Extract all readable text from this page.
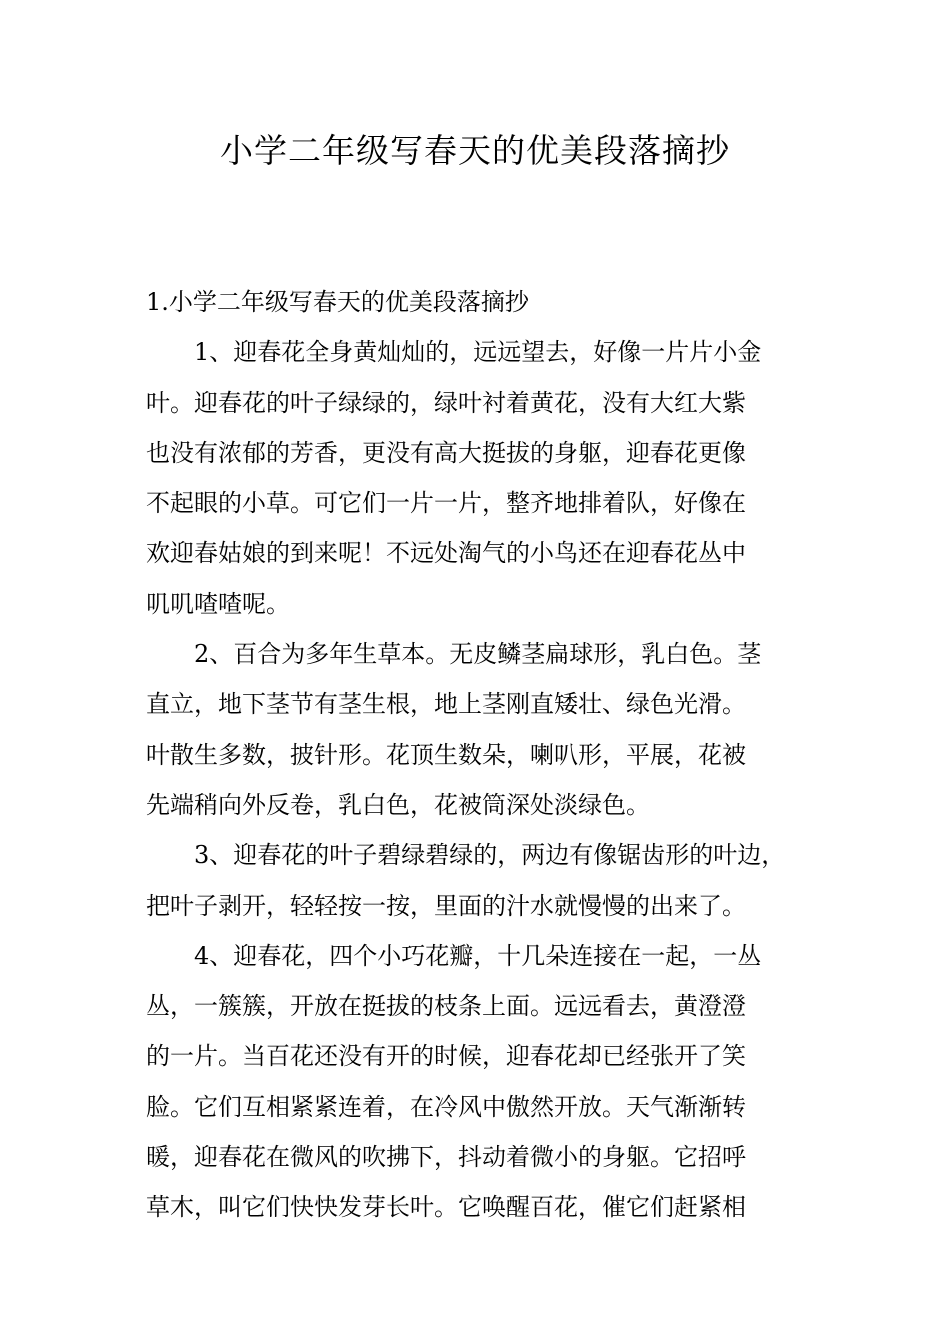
小学二年级写春天的优美段落摘抄

1.小学二年级写春天的优美段落摘抄

1、迎春花全身黄灿灿的，远远望去，好像一片片小金

叶。迎春花的叶子绿绿的，绿叶衬着黄花，没有大红大紫

也没有浓郁的芳香，更没有高大挺拔的身躯，迎春花更像

不起眼的小草。可它们一片一片，整齐地排着队，好像在

欢迎春姑娘的到来呢！不远处淘气的小鸟还在迎春花丛中

叽叽喳喳呢。

2、百合为多年生草本。无皮鳞茎扁球形，乳白色。茎

直立，地下茎节有茎生根，地上茎刚直矮壮、绿色光滑。

叶散生多数，披针形。花顶生数朵，喇叭形，平展，花被

先端稍向外反卷，乳白色，花被筒深处淡绿色。

3、迎春花的叶子碧绿碧绿的，两边有像锯齿形的叶边，

把叶子剥开，轻轻按一按，里面的汁水就慢慢的出来了。

4、迎春花，四个小巧花瓣，十几朵连接在一起，一丛

丛，一簇簇，开放在挺拔的枝条上面。远远看去，黄澄澄

的一片。当百花还没有开的时候，迎春花却已经张开了笑

脸。它们互相紧紧连着，在冷风中傲然开放。天气渐渐转

暖，迎春花在微风的吹拂下，抖动着微小的身躯。它招呼

草木，叫它们快快发芽长叶。它唤醒百花，催它们赶紧相
